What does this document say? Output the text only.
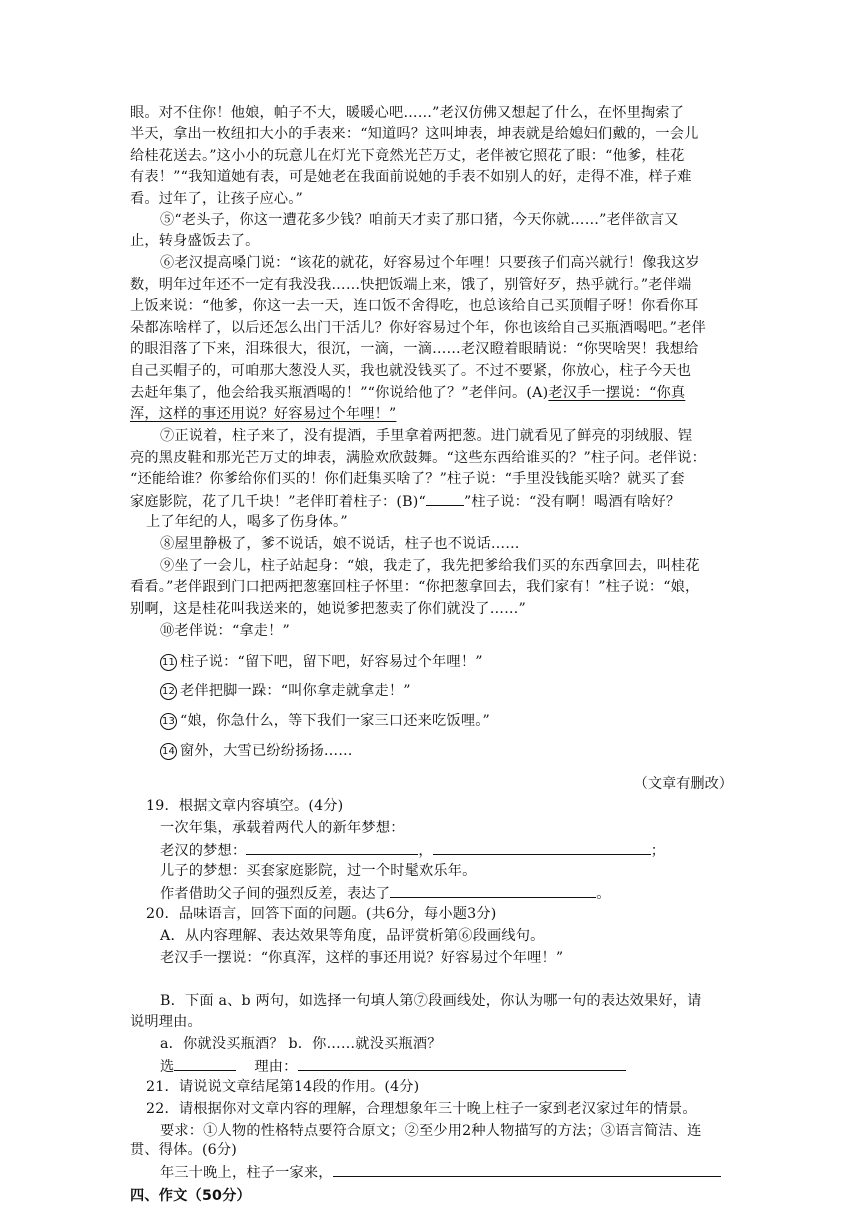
眼。对不住你！他娘，帕子不大，暖暖心吧……”老汉仿佛又想起了什么，在怀里掏索了
半天，拿出一枚纽扣大小的手表来：“知道吗？这叫坤表，坤表就是给媳妇们戴的，一会儿
给桂花送去。”这小小的玩意儿在灯光下竟然光芒万丈，老伴被它照花了眼：“他爹，桂花
有表！”“我知道她有表，可是她老在我面前说她的手表不如别人的好，走得不准，样子难
看。过年了，让孩子应心。”
⑤“老头子，你这一遭花多少钱？咱前天才卖了那口猪，今天你就……”老伴欲言又
止，转身盛饭去了。
⑥老汉提高嗓门说：“该花的就花，好容易过个年哩！只要孩子们高兴就行！像我这岁
数，明年过年还不一定有我没我……快把饭端上来，饿了，别管好歹，热乎就行。”老伴端
上饭来说：“他爹，你这一去一天，连口饭不舍得吃，也总该给自己买顶帽子呀！你看你耳
朵都冻啥样了，以后还怎么出门干活儿？你好容易过个年，你也该给自己买瓶酒喝吧。”老伴
的眼泪落了下来，泪珠很大，很沉，一滴，一滴……老汉瞪着眼睛说：“你哭啥哭！我想给
自己买帽子的，可咱那大葱没人买，我也就没钱买了。不过不要紧，你放心，柱子今天也
去赶年集了，他会给我买瓶酒喝的！”“你说给他了？”老伴问。(A)老汉手一摆说：“你真
浑，这样的事还用说？好容易过个年哩！”
⑦正说着，柱子来了，没有提酒，手里拿着两把葱。进门就看见了鲜亮的羽绒服、锃
亮的黑皮鞋和那光芒万丈的坤表，满脸欢欣鼓舞。“这些东西给谁买的？”柱子问。老伴说：
“还能给谁？你爹给你们买的！你们赶集买啥了？”柱子说：“手里没钱能买啥？就买了套
家庭影院，花了几千块！”老伴盯着柱子：(B)“	”柱子说：“没有啊！喝酒有啥好？
上了年纪的人，喝多了伤身体。”
⑧屋里静极了，爹不说话，娘不说话，柱子也不说话……
⑨坐了一会儿，柱子站起身：“娘，我走了，我先把爹给我们买的东西拿回去，叫桂花
看看。”老伴跟到门口把两把葱塞回柱子怀里：“你把葱拿回去，我们家有！”柱子说：“娘，
别啊，这是桂花叫我送来的，她说爹把葱卖了你们就没了……”
⑩老伴说：“拿走！”
11 柱子说：“留下吧，留下吧，好容易过个年哩！”
12 老伴把脚一跺：“叫你拿走就拿走！”
13 “娘，你急什么，等下我们一家三口还来吃饭哩。”
14 窗外，大雪已纷纷扬扬……
（文章有删改）
19．根据文章内容填空。(4分)
一次年集，承载着两代人的新年梦想：
老汉的梦想：	，	；
儿子的梦想：买套家庭影院，过一个时髦欢乐年。
作者借助父子间的强烈反差，表达了	。
20．品味语言，回答下面的问题。(共6分，每小题3分)
A．从内容理解、表达效果等角度，品评赏析第⑥段画线句。
老汉手一摆说：“你真浑，这样的事还用说？好容易过个年哩！”
B．下面 a、b 两句，如选择一句填人第⑦段画线处，你认为哪一句的表达效果好，请
说明理由。
a．你就没买瓶酒？ b．你……就没买瓶酒？
选	理由：
21．请说说文章结尾第14段的作用。(4分)
22．请根据你对文章内容的理解，合理想象年三十晚上柱子一家到老汉家过年的情景。
要求：①人物的性格特点要符合原文；②至少用2种人物描写的方法；③语言简洁、连
贯、得体。(6分)
年三十晚上，柱子一家来，
四、作文（50分）
